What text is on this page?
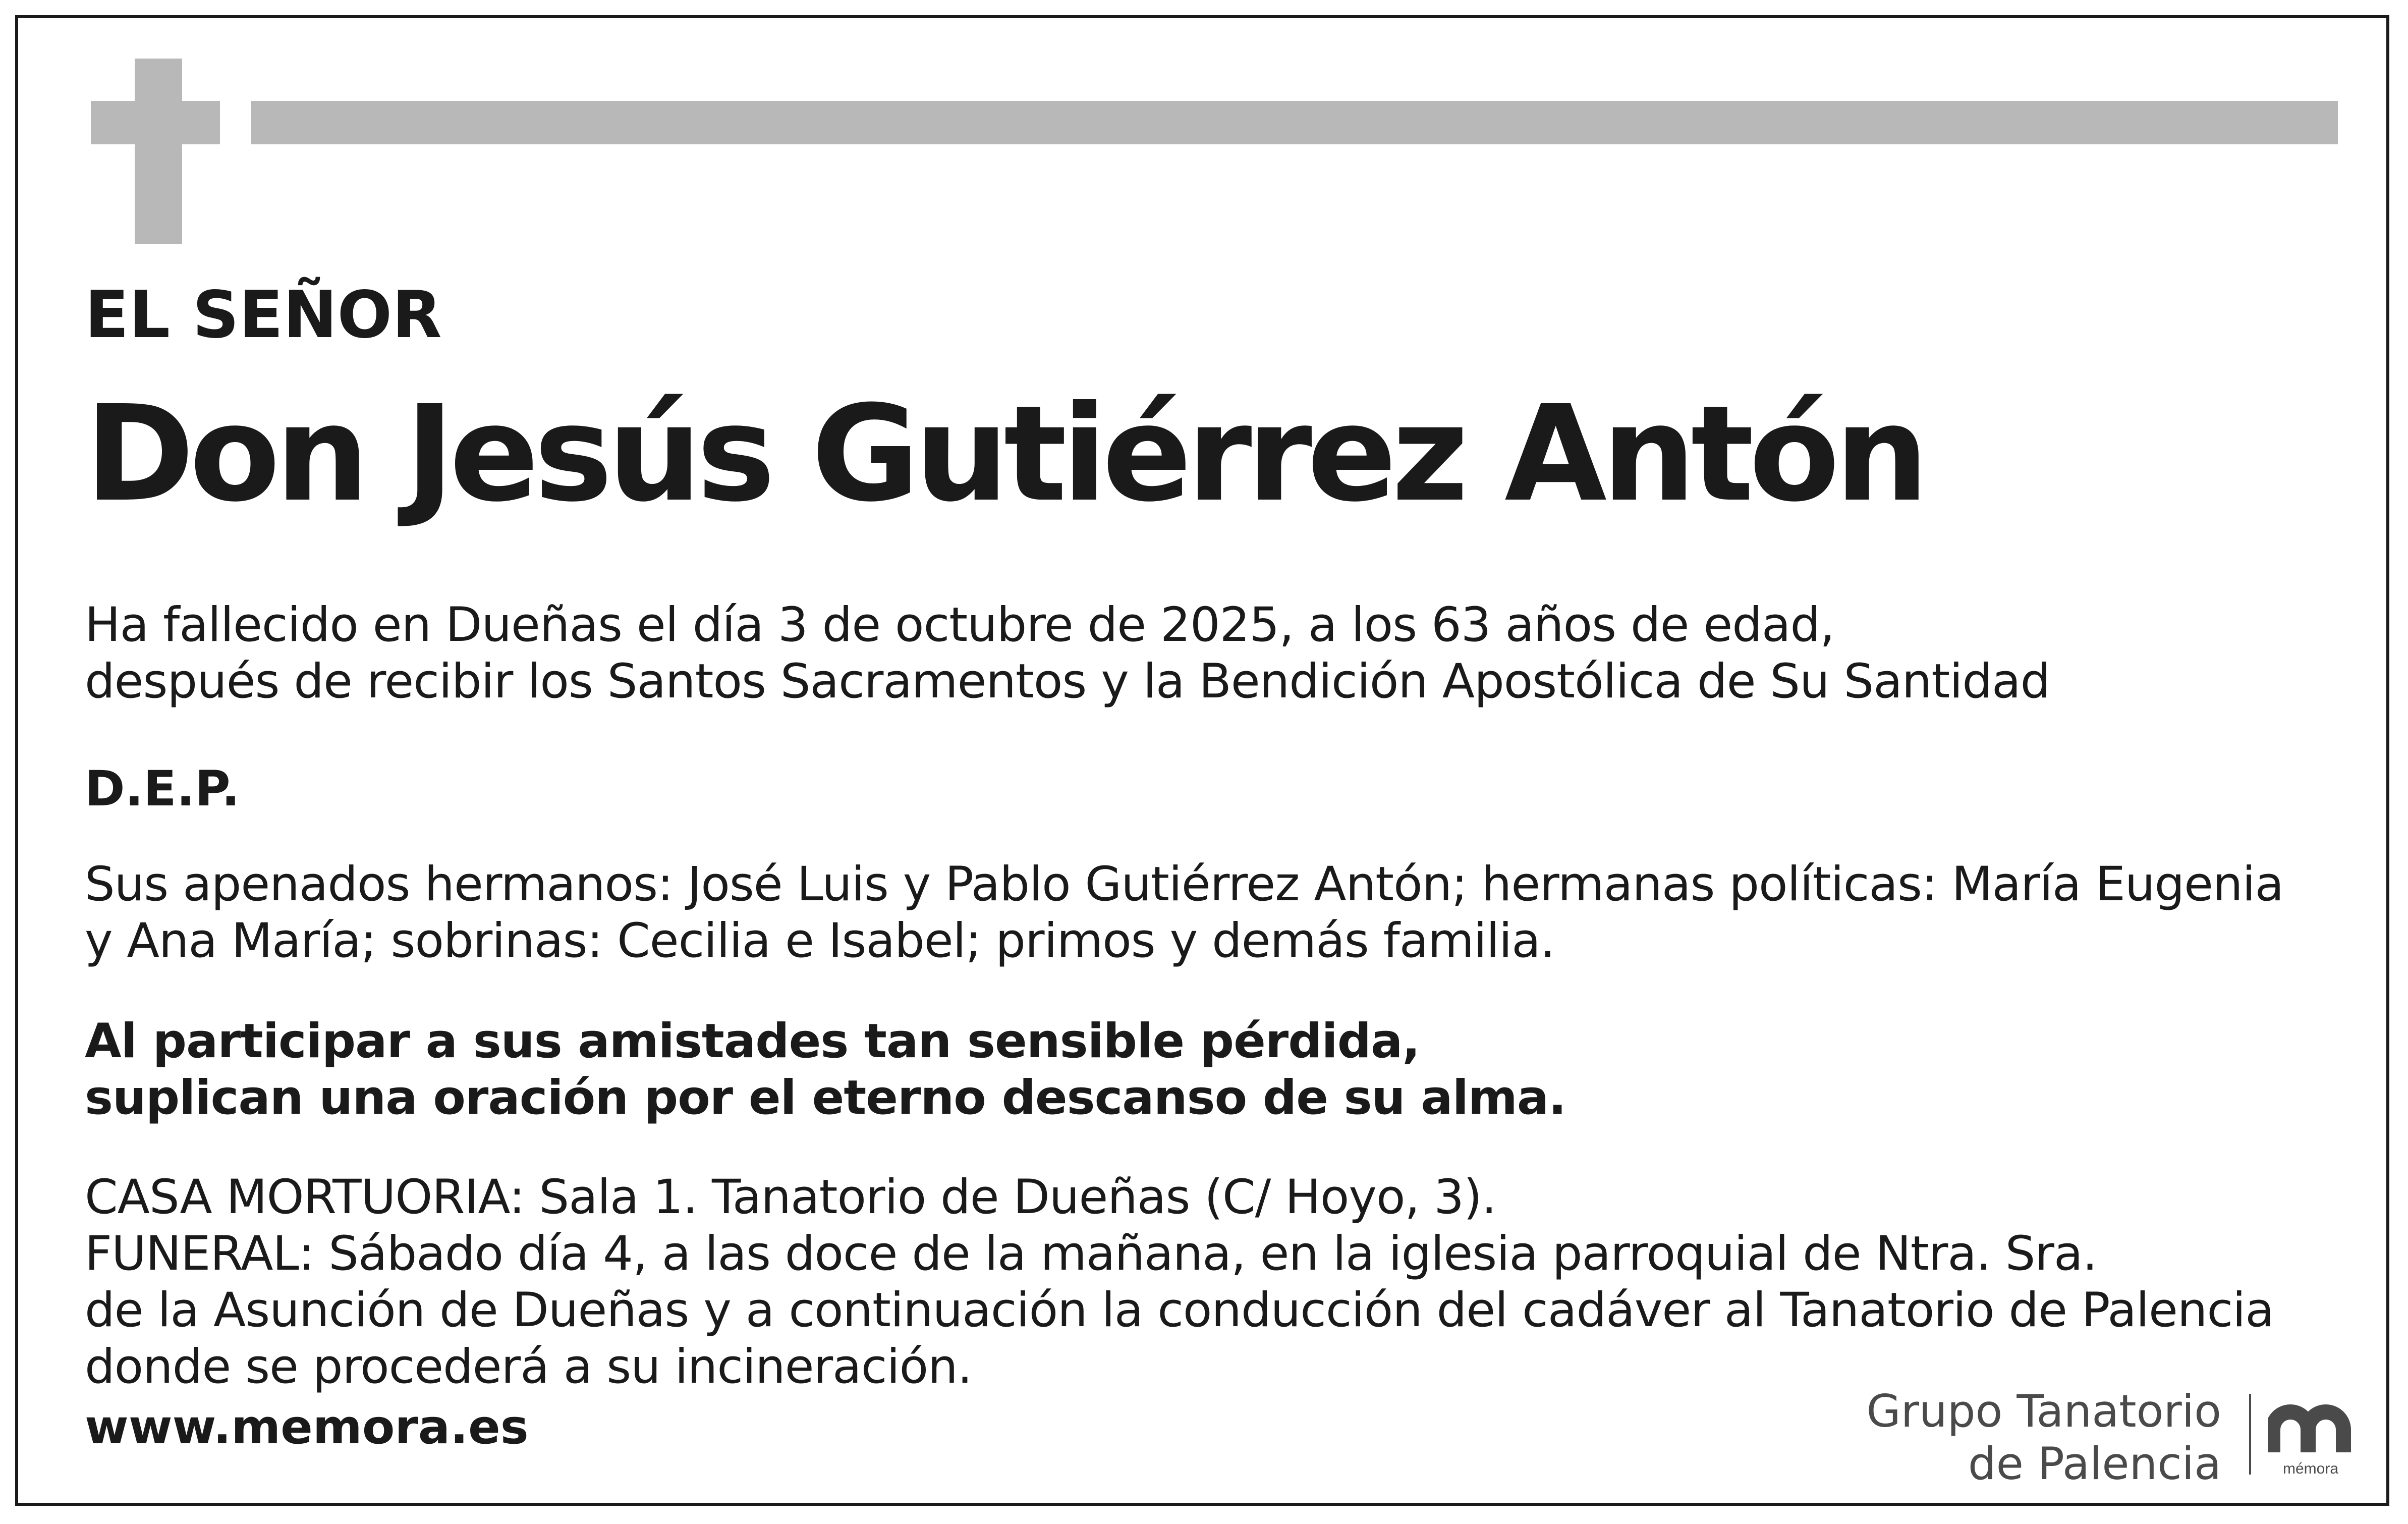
EL SEÑOR
Don Jesús Gutiérrez Antón
Ha fallecido en Dueñas el día 3 de octubre de 2025, a los 63 años de edad,
después de recibir los Santos Sacramentos y la Bendición Apostólica de Su Santidad
D.E.P.
Sus apenados hermanos: José Luis y Pablo Gutiérrez Antón; hermanas políticas: María Eugenia
y Ana María; sobrinas: Cecilia e Isabel; primos y demás familia.
Al participar a sus amistades tan sensible pérdida,
suplican una oración por el eterno descanso de su alma.
CASA MORTUORIA: Sala 1. Tanatorio de Dueñas (C/ Hoyo, 3).
FUNERAL: Sábado día 4, a las doce de la mañana, en la iglesia parroquial de Ntra. Sra.
de la Asunción de Dueñas y a continuación la conducción del cadáver al Tanatorio de Palencia
donde se procederá a su incineración.
www.memora.es	Grupo Tanatorio
de Palencia	mémora
